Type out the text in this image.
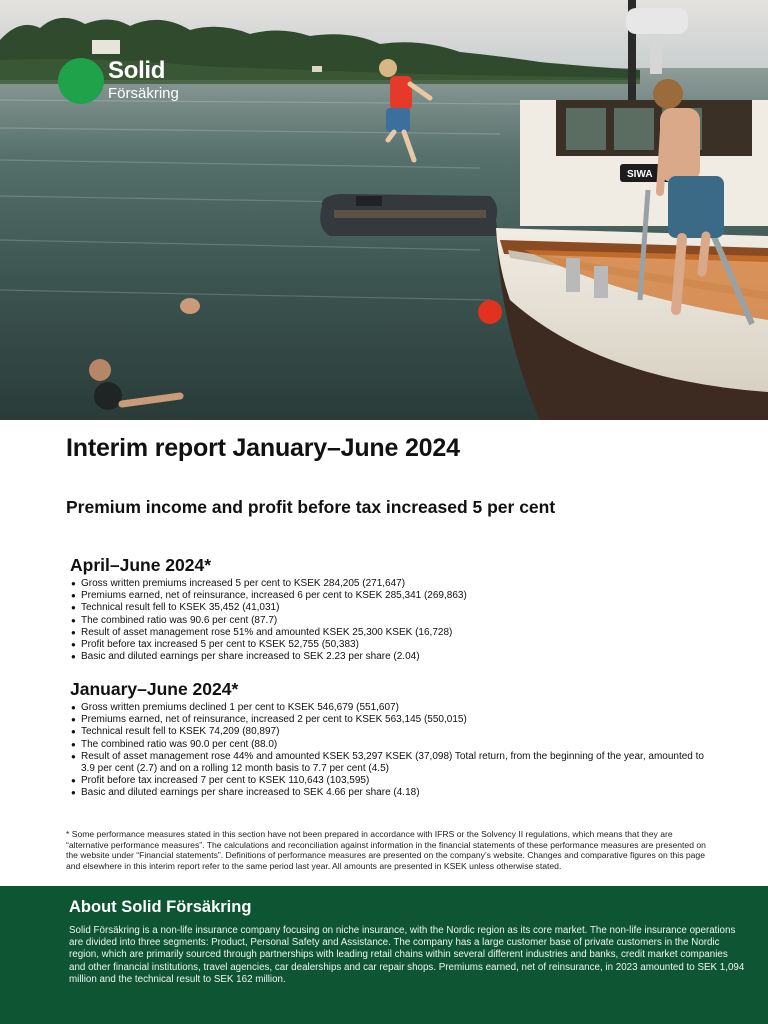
SIWA
Solid
Försäkring
Interim report January–June 2024
Premium income and profit before tax increased 5 per cent
April–June 2024*
● Gross written premiums increased 5 per cent to KSEK 284,205 (271,647)
● Premiums earned, net of reinsurance, increased 6 per cent to KSEK 285,341 (269,863)
● Technical result fell to KSEK 35,452 (41,031)
● The combined ratio was 90.6 per cent (87.7)
● Result of asset management rose 51% and amounted KSEK 25,300 KSEK (16,728)
● Profit before tax increased 5 per cent to KSEK 52,755 (50,383)
● Basic and diluted earnings per share increased to SEK 2.23 per share (2.04)
January–June 2024*
● Gross written premiums declined 1 per cent to KSEK 546,679 (551,607)
● Premiums earned, net of reinsurance, increased 2 per cent to KSEK 563,145 (550,015)
● Technical result fell to KSEK 74,209 (80,897)
● The combined ratio was 90.0 per cent (88.0)
● Result of asset management rose 44% and amounted KSEK 53,297 KSEK (37,098) Total return, from the beginning of the year, amounted to 3.9 per cent (2.7) and on a rolling 12 month basis to 7.7 per cent (4.5)
● Profit before tax increased 7 per cent to KSEK 110,643 (103,595)
● Basic and diluted earnings per share increased to SEK 4.66 per share (4.18)

* Some performance measures stated in this section have not been prepared in accordance with IFRS or the Solvency II regulations, which means that they are “alternative performance measures”. The calculations and reconciliation against information in the financial statements of these performance measures are presented on the website under “Financial statements”. Definitions of performance measures are presented on the company’s website. Changes and comparative figures on this page and elsewhere in this interim report refer to the same period last year. All amounts are presented in KSEK unless otherwise stated.

About Solid Försäkring

Solid Försäkring is a non-life insurance company focusing on niche insurance, with the Nordic region as its core market. The non-life insurance operations are divided into three segments: Product, Personal Safety and Assistance. The company has a large customer base of private customers in the Nordic region, which are primarily sourced through partnerships with leading retail chains within several different industries and banks, credit market companies and other financial institutions, travel agencies, car dealerships and car repair shops. Premiums earned, net of reinsurance, in 2023 amounted to SEK 1,094 million and the technical result to SEK 162 million.
